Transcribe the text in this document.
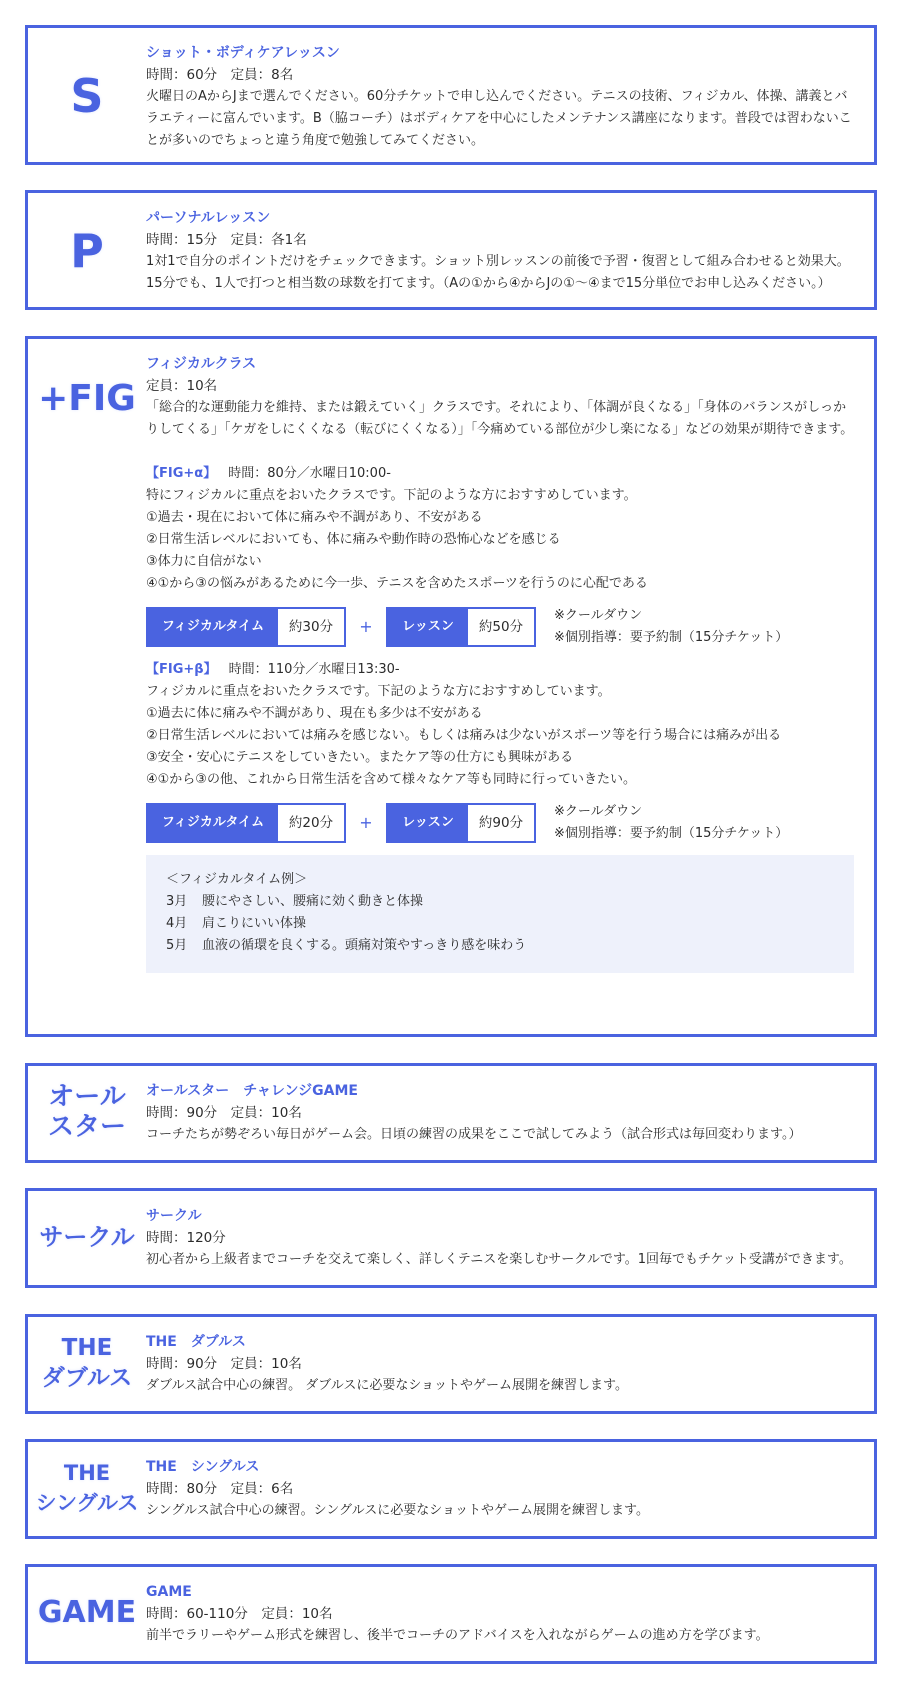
S
ショット・ボディケアレッスン
時間：60分　定員：8名
火曜日のAからJまで選んでください。60分チケットで申し込んでください。テニスの技術、フィジカル、体操、講義とバラエティーに富んでいます。B（脇コーチ）はボディケアを中心にしたメンテナンス講座になります。普段では習わないことが多いのでちょっと違う角度で勉強してみてください。
P
パーソナルレッスン
時間：15分　定員：各1名
1対1で自分のポイントだけをチェックできます。ショット別レッスンの前後で予習・復習として組み合わせると効果大。
15分でも、1人で打つと相当数の球数を打てます。（Aの①から④からJの①〜④まで15分単位でお申し込みください。）
+FIG
フィジカルクラス
定員：10名
「総合的な運動能力を維持、または鍛えていく」クラスです。それにより、「体調が良くなる」「身体のバランスがしっかりしてくる」「ケガをしにくくなる（転びにくくなる）」「今痛めている部位が少し楽になる」などの効果が期待できます。
【FIG+α】 時間：80分／水曜日10:00-
特にフィジカルに重点をおいたクラスです。下記のような方におすすめしています。
①過去・現在において体に痛みや不調があり、不安がある
②日常生活レベルにおいても、体に痛みや動作時の恐怖心などを感じる
③体力に自信がない
④①から③の悩みがあるために今一歩、テニスを含めたスポーツを行うのに心配である
フィジカルタイム	約30分	+	レッスン	約50分
※クールダウン
※個別指導：要予約制（15分チケット）
【FIG+β】 時間：110分／水曜日13:30-
フィジカルに重点をおいたクラスです。下記のような方におすすめしています。
①過去に体に痛みや不調があり、現在も多少は不安がある
②日常生活レベルにおいては痛みを感じない。もしくは痛みは少ないがスポーツ等を行う場合には痛みが出る
③安全・安心にテニスをしていきたい。またケア等の仕方にも興味がある
④①から③の他、これから日常生活を含めて様々なケア等も同時に行っていきたい。
フィジカルタイム	約20分	+	レッスン	約90分
※クールダウン
※個別指導：要予約制（15分チケット）
＜フィジカルタイム例＞
3月 腰にやさしい、腰痛に効く動きと体操
4月 肩こりにいい体操
5月 血液の循環を良くする。頭痛対策やすっきり感を味わう
オール
スター
オールスター　チャレンジGAME
時間：90分　定員：10名
コーチたちが勢ぞろい毎日がゲーム会。日頃の練習の成果をここで試してみよう（試合形式は毎回変わります。）
サークル
サークル
時間：120分
初心者から上級者までコーチを交えて楽しく、詳しくテニスを楽しむサークルです。1回毎でもチケット受講ができます。
THE
ダブルス
THE　ダブルス
時間：90分　定員：10名
ダブルス試合中心の練習。 ダブルスに必要なショットやゲーム展開を練習します。
THE
シングルス
THE　シングルス
時間：80分　定員：6名
シングルス試合中心の練習。シングルスに必要なショットやゲーム展開を練習します。
GAME
GAME
時間：60-110分　定員：10名
前半でラリーやゲーム形式を練習し、後半でコーチのアドバイスを入れながらゲームの進め方を学びます。
